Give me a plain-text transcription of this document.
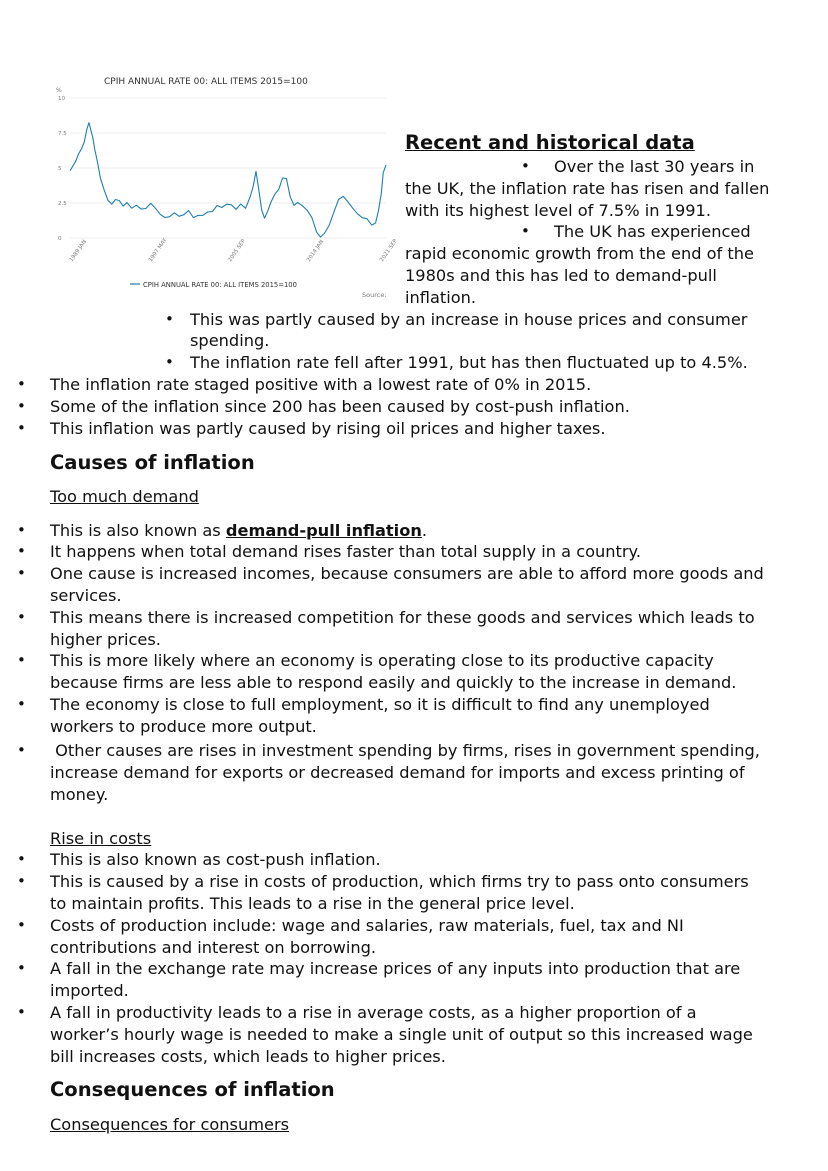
CPIH ANNUAL RATE 00: ALL ITEMS 2015=100
%
0
2.5
5
7.5
10
1989 JAN	1997 MAY	2005 SEP	2014 JAN	2021 SEP
CPIH ANNUAL RATE 00: ALL ITEMS 2015=100
Source:
Recent and historical data
• Over the last 30 years in

the UK, the inflation rate has risen and fallen

with its highest level of 7.5% in 1991.

• The UK has experienced

rapid economic growth from the end of the

1980s and this has led to demand-pull

inflation.

• This was partly caused by an increase in house prices and consumer

spending.

• The inflation rate fell after 1991, but has then fluctuated up to 4.5%.

• The inflation rate staged positive with a lowest rate of 0% in 2015.

• Some of the inflation since 200 has been caused by cost-push inflation.

• This inflation was partly caused by rising oil prices and higher taxes.

Causes of inflation
Too much demand
• This is also known as demand-pull inflation.

• It happens when total demand rises faster than total supply in a country.

• One cause is increased incomes, because consumers are able to afford more goods and

services.

• This means there is increased competition for these goods and services which leads to

higher prices.

• This is more likely where an economy is operating close to its productive capacity

because firms are less able to respond easily and quickly to the increase in demand.

• The economy is close to full employment, so it is difficult to find any unemployed

workers to produce more output.

• Other causes are rises in investment spending by firms, rises in government spending,

increase demand for exports or decreased demand for imports and excess printing of

money.

Rise in costs
• This is also known as cost-push inflation.

• This is caused by a rise in costs of production, which firms try to pass onto consumers

to maintain profits. This leads to a rise in the general price level.

• Costs of production include: wage and salaries, raw materials, fuel, tax and NI

contributions and interest on borrowing.

• A fall in the exchange rate may increase prices of any inputs into production that are

imported.

• A fall in productivity leads to a rise in average costs, as a higher proportion of a

worker’s hourly wage is needed to make a single unit of output so this increased wage

bill increases costs, which leads to higher prices.

Consequences of inflation
Consequences for consumers
